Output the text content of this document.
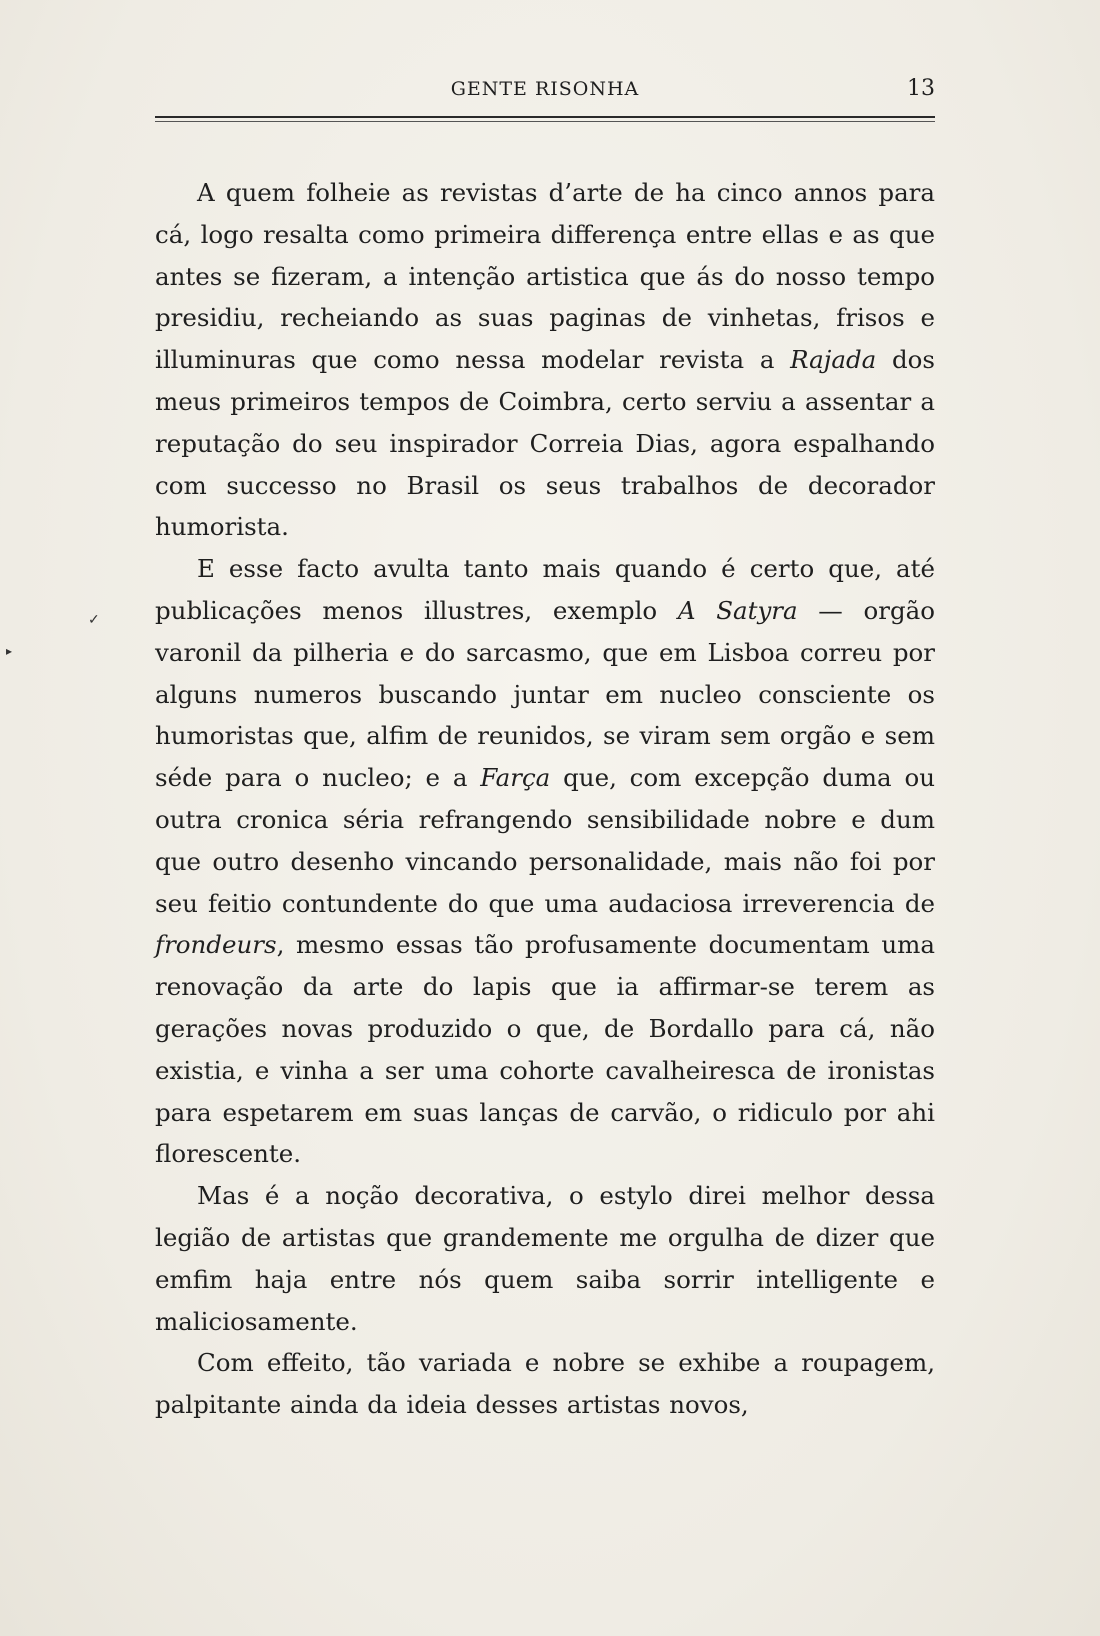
GENTE RISONHA	13

A quem folheie as revistas d’arte de ha cinco annos para cá, logo resalta como primeira differença entre ellas e as que antes se fizeram, a intenção artistica que ás do nosso tempo presidiu, recheiando as suas paginas de vinhetas, frisos e illuminuras que como nessa modelar revista a Rajada dos meus primeiros tempos de Coimbra, certo serviu a assentar a reputação do seu inspirador Correia Dias, agora espalhando com successo no Brasil os seus trabalhos de decorador humorista.

E esse facto avulta tanto mais quando é certo que, até publicações menos illustres, exemplo A Satyra — orgão varonil da pilheria e do sarcasmo, que em Lisboa correu por alguns numeros buscando juntar em nucleo consciente os humoristas que, alfim de reunidos, se viram sem orgão e sem séde para o nucleo; e a Farça que, com excepção duma ou outra cronica séria refrangendo sensibilidade nobre e dum que outro desenho vincando personalidade, mais não foi por seu feitio contundente do que uma audaciosa irreverencia de frondeurs, mesmo essas tão profusamente documentam uma renovação da arte do lapis que ia affirmar-se terem as gerações novas produzido o que, de Bordallo para cá, não existia, e vinha a ser uma cohorte cavalheiresca de ironistas para espetarem em suas lanças de carvão, o ridiculo por ahi florescente.

Mas é a noção decorativa, o estylo direi melhor dessa legião de artistas que grandemente me orgulha de dizer que emfim haja entre nós quem saiba sorrir intelligente e maliciosamente.

Com effeito, tão variada e nobre se exhibe a roupagem, palpitante ainda da ideia desses artistas novos,

✓
▸
